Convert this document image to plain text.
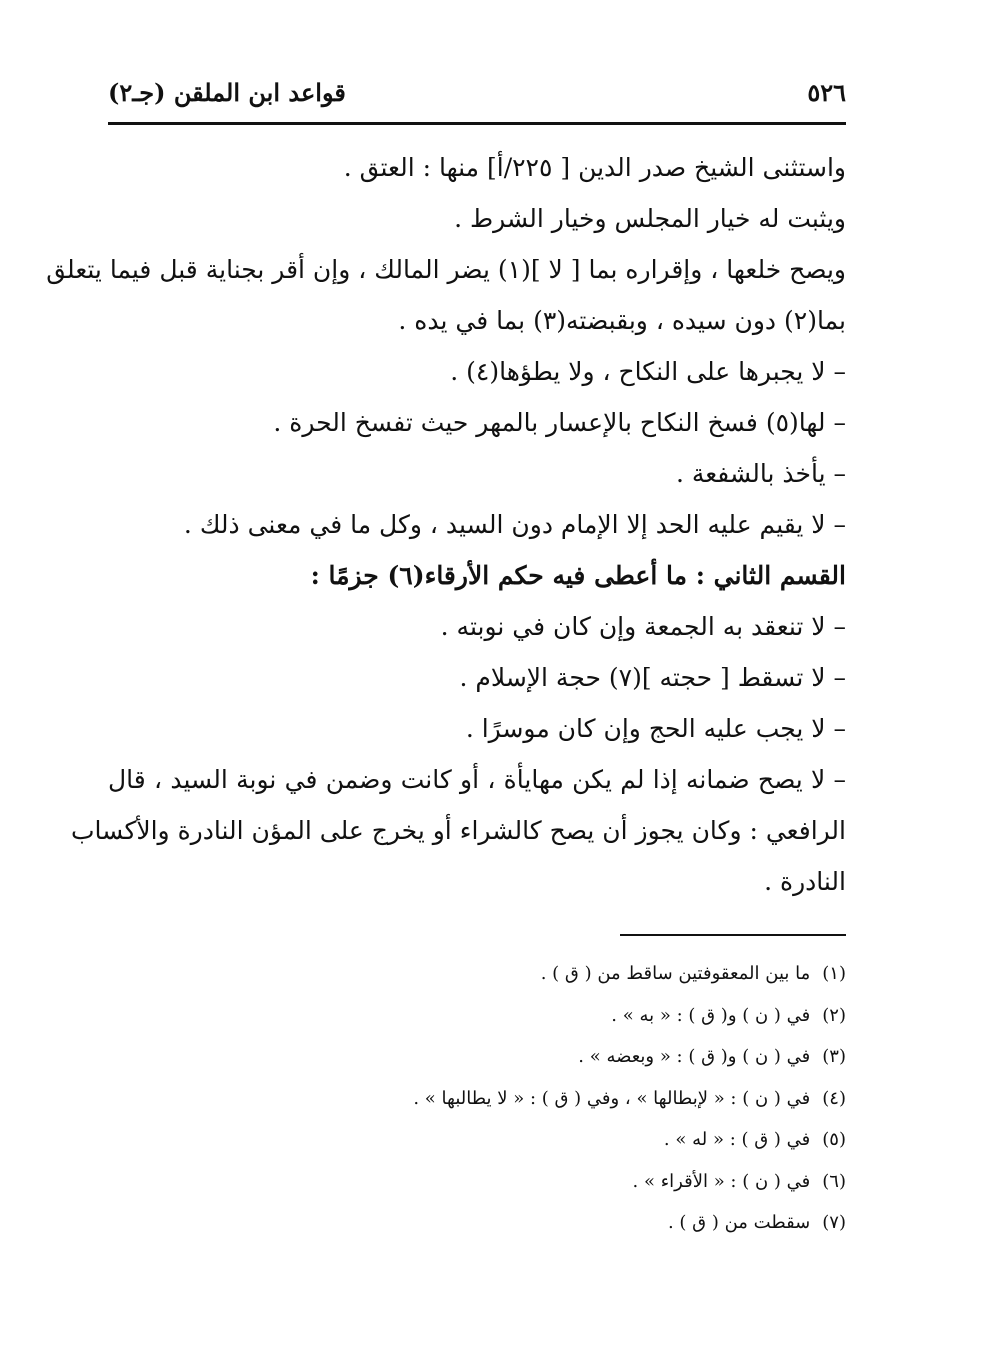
٥٢٦
قواعد ابن الملقن (جـ٢)
واستثنى الشيخ صدر الدين [ ٢٢٥/أ] منها : العتق .
ويثبت له خيار المجلس وخيار الشرط .
ويصح خلعها ، وإقراره بما [ لا ](١) يضر المالك ، وإن أقر بجناية قبل فيما يتعلق
بما(٢) دون سيده ، وبقبضته(٣) بما في يده .
– لا يجبرها على النكاح ، ولا يطؤها(٤) .
– لها(٥) فسخ النكاح بالإعسار بالمهر حيث تفسخ الحرة .
– يأخذ بالشفعة .
– لا يقيم عليه الحد إلا الإمام دون السيد ، وكل ما في معنى ذلك .
القسم الثاني : ما أعطى فيه حكم الأرقاء(٦) جزمًا :
– لا تنعقد به الجمعة وإن كان في نوبته .
– لا تسقط [ حجته ](٧) حجة الإسلام .
– لا يجب عليه الحج وإن كان موسرًا .
– لا يصح ضمانه إذا لم يكن مهايأة ، أو كانت وضمن في نوبة السيد ، قال
الرافعي : وكان يجوز أن يصح كالشراء أو يخرج على المؤن النادرة والأكساب
النادرة .
(١)ما بين المعقوفتين ساقط من ( ق ) .
(٢)في ( ن ) و( ق ) : « به » .
(٣)في ( ن ) و( ق ) : « وبعضه » .
(٤)في ( ن ) : « لإبطالها » ، وفي ( ق ) : « لا يطالبها » .
(٥)في ( ق ) : « له » .
(٦)في ( ن ) : « الأقراء » .
(٧)سقطت من ( ق ) .
